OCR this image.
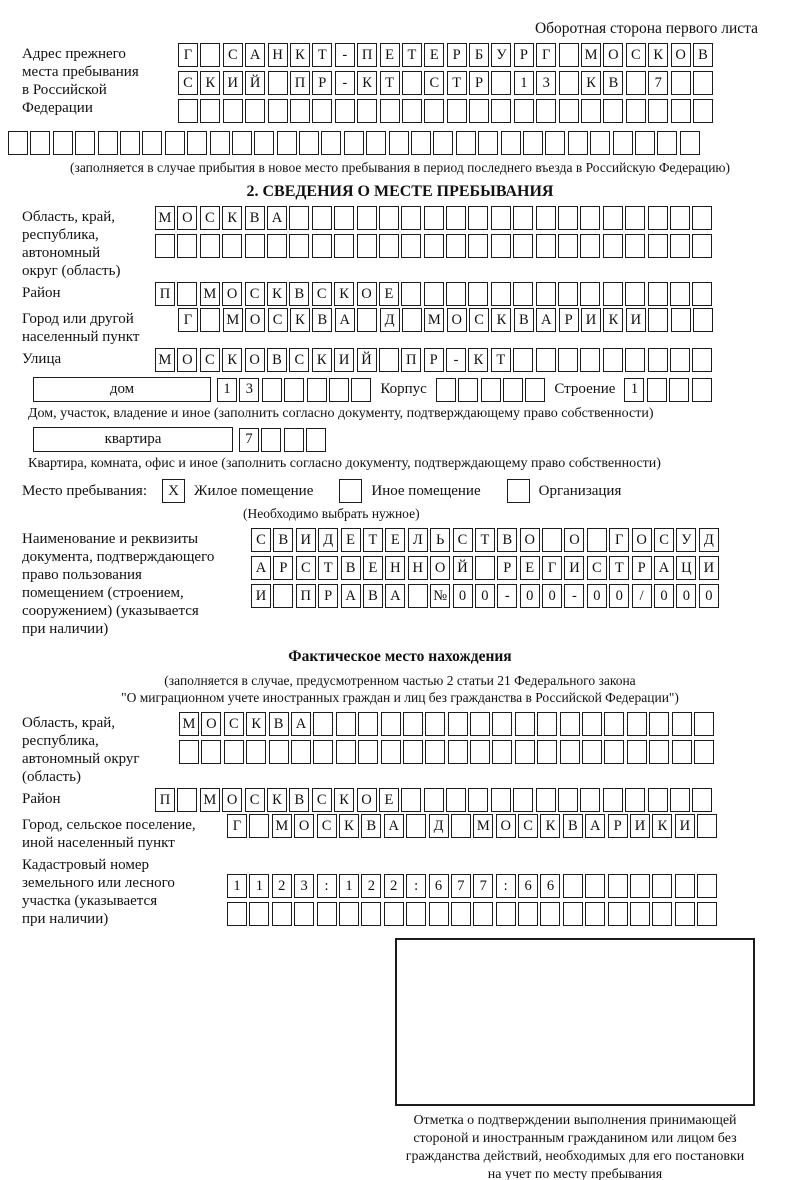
Оборотная сторона первого листа
Адрес прежнего
места пребывания
в Российской
Федерации
Г	С А Н К Т	-	П Е Т Е Р Б У Р Г	М О С К О В
С К И Й	П Р	-	К Т	С Т Р	1	3	К В	7
(заполняется в случае прибытия в новое место пребывания в период последнего въезда в Российскую Федерацию)
2. СВЕДЕНИЯ О МЕСТЕ ПРЕБЫВАНИЯ
Область, край,
республика,
автономный
округ (область)
М О С К В А
Район	П	М О С К В С К О Е
Город или другой
населенный пункт
Г	М О С К В А	Д	М О С К В А Р И К И
Улица	М О С К О В С К И Й	П Р	-	К Т
дом	1	3	Корпус	Строение	1
Дом, участок, владение и иное (заполнить согласно документу, подтверждающему право собственности)
квартира	7
Квартира, комната, офис и иное (заполнить согласно документу, подтверждающему право собственности)
Место пребывания:	X	Жилое помещение	Иное помещение	Организация
(Необходимо выбрать нужное)
Наименование и реквизиты
документа, подтверждающего
право пользования
помещением (строением,
сооружением) (указывается
при наличии)
С В И Д Е Т Е Л Ь С Т В О	О	Г О С У Д
А Р С Т В Е Н Н О Й	Р Е Г И С Т Р А Ц И
И	П Р А В А	№ 0	0	-	0	0	-	0	0	/	0	0	0
Фактическое место нахождения
(заполняется в случае, предусмотренном частью 2 статьи 21 Федерального закона
"О миграционном учете иностранных граждан и лиц без гражданства в Российской Федерации")
Область, край,
республика,
автономный округ
(область)
М О С К В А
Район	П	М О С К В С К О Е
Город, сельское поселение,
иной населенный пункт
Г	М О С К В А	Д	М О С К В А Р И К И
Кадастровый номер
земельного или лесного
участка (указывается
при наличии)
1	1	2	3	:	1	2	2	:	6	7	7	:	6	6
Отметка о подтверждении выполнения принимающей
стороной и иностранным гражданином или лицом без
гражданства действий, необходимых для его постановки
на учет по месту пребывания
